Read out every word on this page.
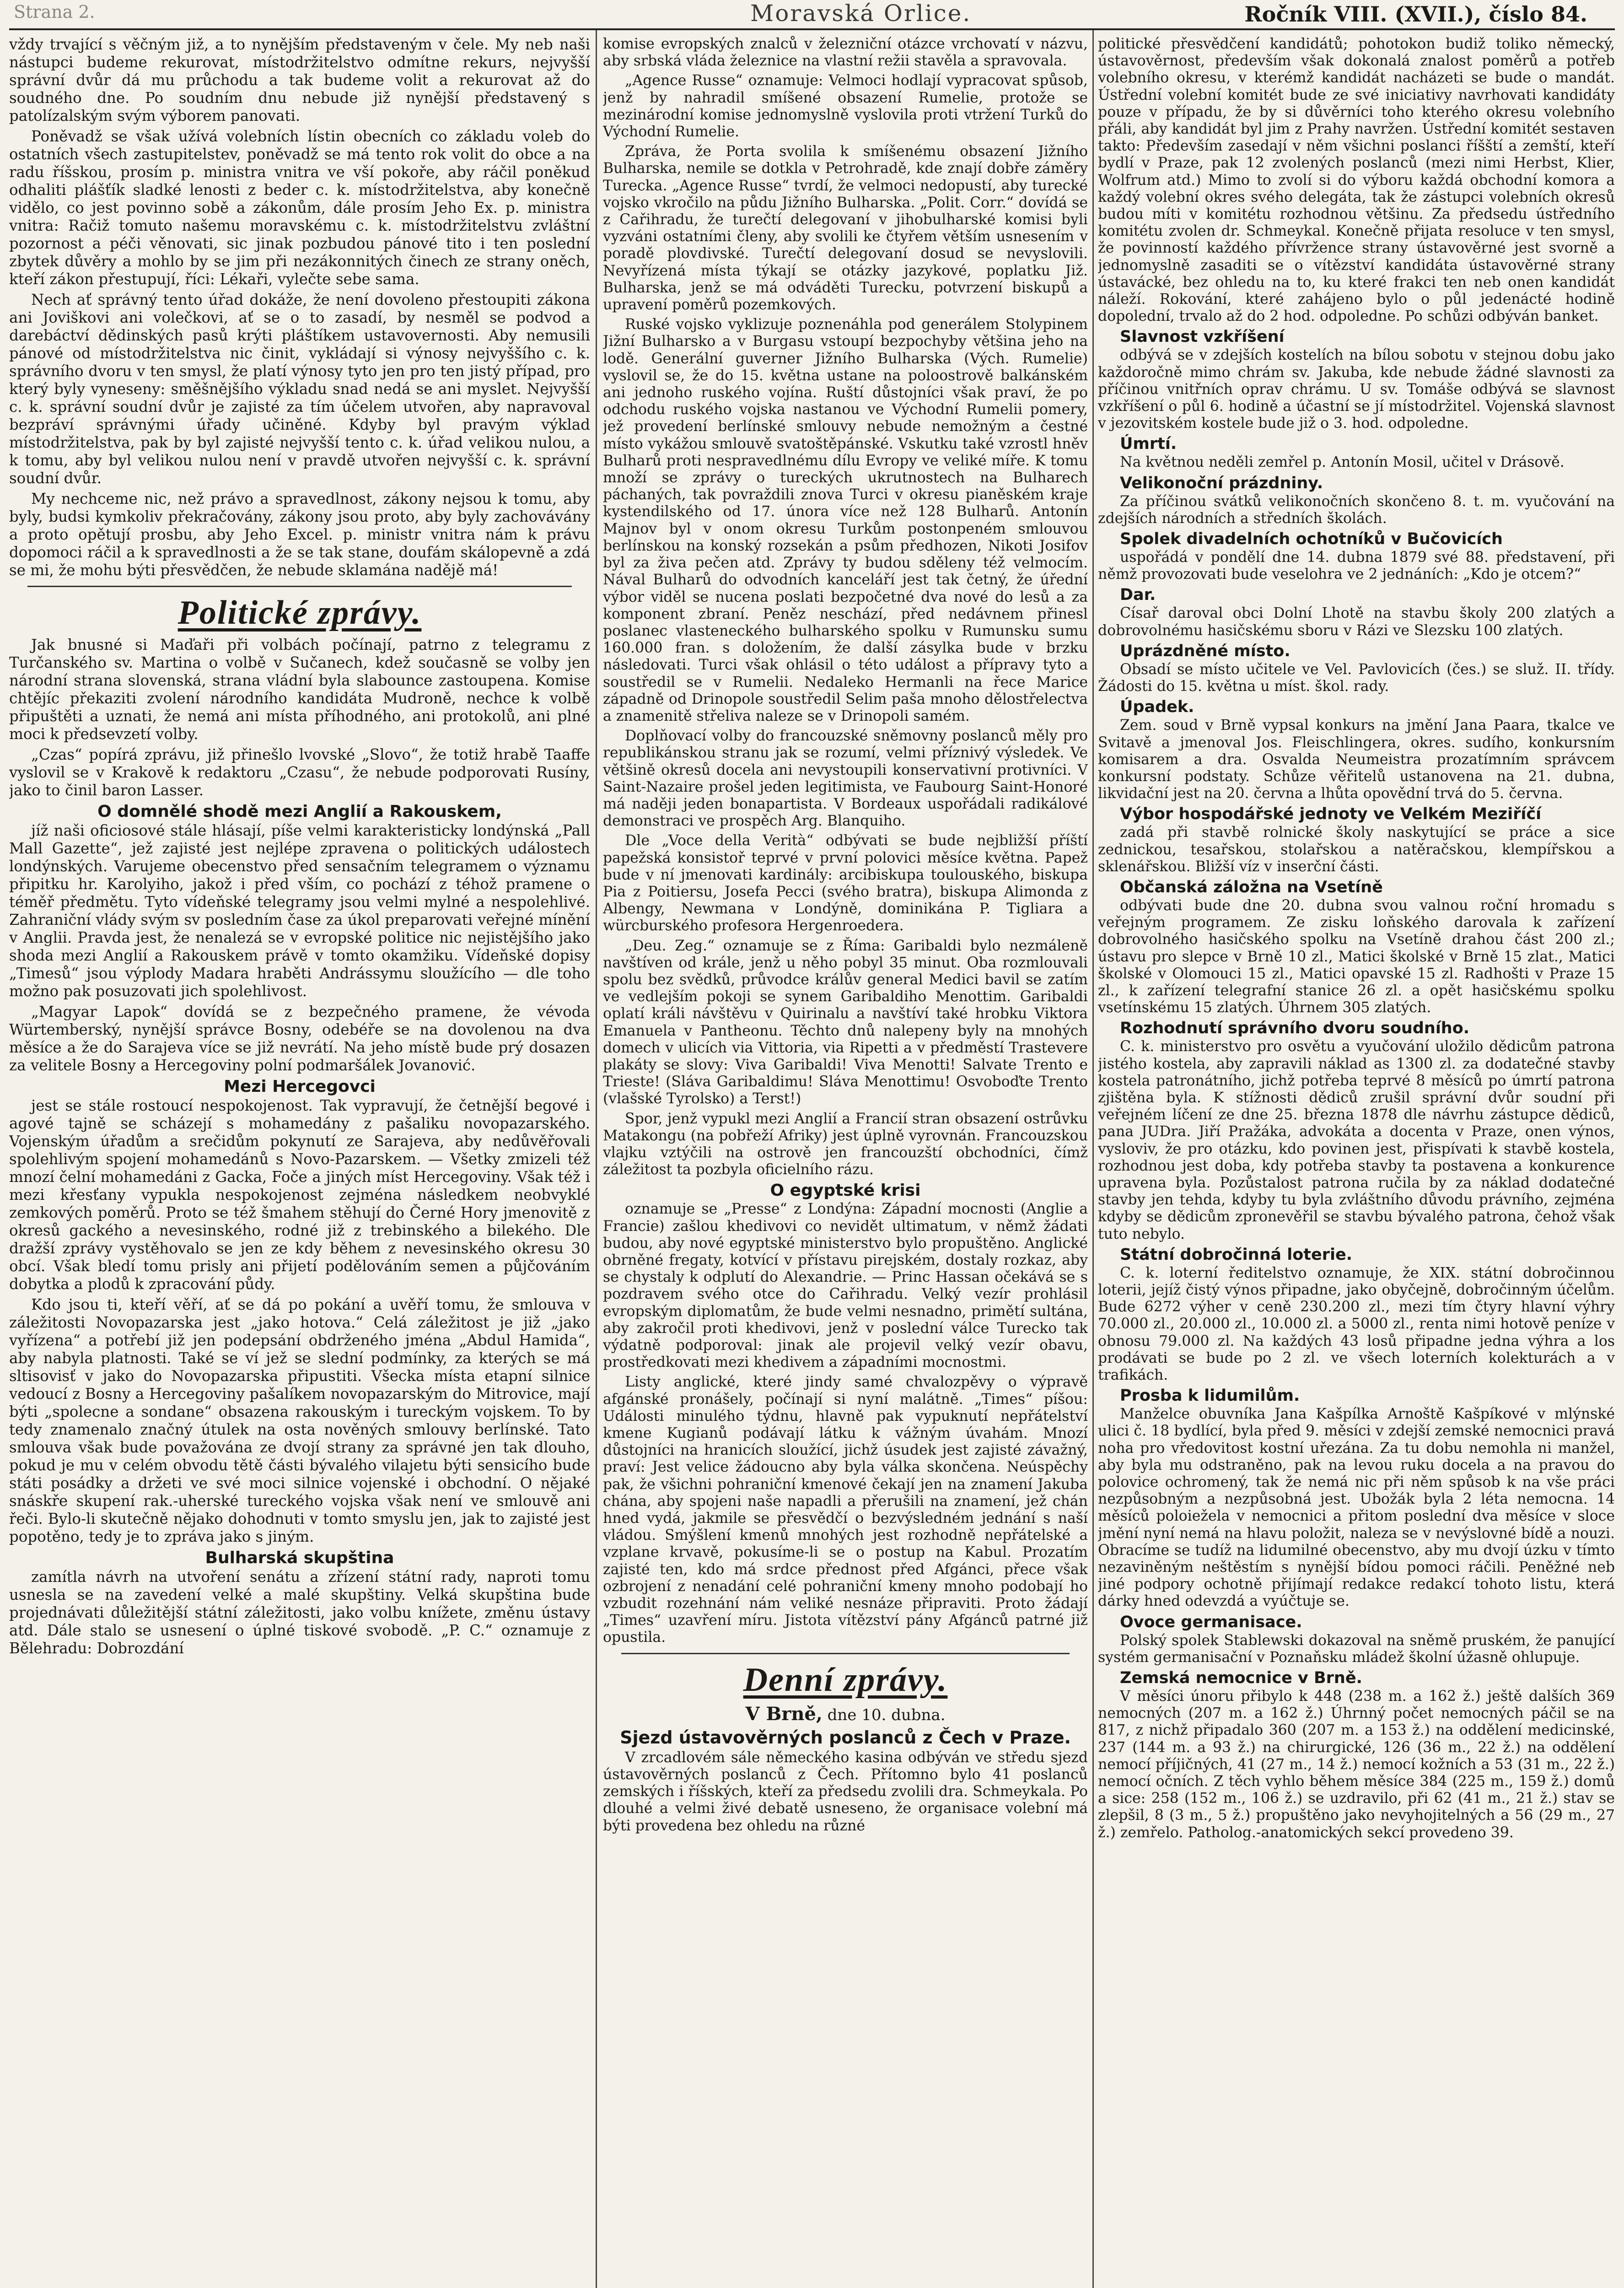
Strana 2.	Moravská Orlice.	Ročník VIII. (XVII.), číslo 84.

vždy trvající s věčným již, a to nynějším představeným v čele. My neb naši nástupci budeme rekurovat, místodržitelstvo odmítne rekurs, nejvyšší správní dvůr dá mu průchodu a tak budeme volit a rekurovat až do soudného dne. Po soudním dnu nebude již nynější představený s patolízalským svým výborem panovati.

Poněvadž se však užívá volebních lístin obecních co základu voleb do ostatních všech zastupitelstev, poněvadž se má tento rok volit do obce a na radu říšskou, prosím p. ministra vnitra ve vší pokoře, aby ráčil poněkud odhaliti plášťík sladké lenosti z beder c. k. místodržitelstva, aby konečně vidělo, co jest povinno sobě a zákonům, dále prosím Jeho Ex. p. ministra vnitra: Račiž tomuto našemu moravskému c. k. místodržitelstvu zvláštní pozornost a péči věnovati, sic jinak pozbudou pánové tito i ten poslední zbytek důvěry a mohlo by se jim při nezákonnitých činech ze strany oněch, kteří zákon přestupují, říci: Lékaři, vylečte sebe sama.

Nech ať správný tento úřad dokáže, že není dovoleno přestoupiti zákona ani Joviškovi ani volečkovi, ať se o to zasadí, by nesměl se podvod a darebáctví dědinských pasů krýti pláštíkem ustavovernosti. Aby nemusili pánové od místodržitelstva nic činit, vykládají si výnosy nejvyššího c. k. správního dvoru v ten smysl, že platí výnosy tyto jen pro ten jistý případ, pro který byly vyneseny: směšnějšího výkladu snad nedá se ani myslet. Nejvyšší c. k. správní soudní dvůr je zajisté za tím účelem utvořen, aby napravoval bezpráví správnými úřady učiněné. Kdyby byl pravým výklad místodržitelstva, pak by byl zajisté nejvyšší tento c. k. úřad velikou nulou, a k tomu, aby byl velikou nulou není v pravdě utvořen nejvyšší c. k. správní soudní dvůr.

My nechceme nic, než právo a spravedlnost, zákony nejsou k tomu, aby byly, budsi kymkoliv překračovány, zákony jsou proto, aby byly zachovávány a proto opětují prosbu, aby Jeho Excel. p. ministr vnitra nám k právu dopomoci ráčil a k spravedlnosti a že se tak stane, doufám skálopevně a zdá se mi, že mohu býti přesvědčen, že nebude sklamána nadějě má!

Politické zprávy.

Jak bnusné si Maďaři při volbách počínají, patrno z telegramu z Turčanského sv. Martina o volbě v Sučanech, kdež současně se volby jen národní strana slovenská, strana vládní byla slabounce zastoupena. Komise chtějíc překaziti zvolení národního kandidáta Mudroně, nechce k volbě připuštěti a uznati, že nemá ani místa příhodného, ani protokolů, ani plné moci k předsevzetí volby.

„Czas“ popírá zprávu, již přinešlo lvovské „Slovo“, že totiž hrabě Taaffe vyslovil se v Krakově k redaktoru „Czasu“, že nebude podporovati Rusíny, jako to činil baron Lasser.

O domnělé shodě mezi Anglií a Rakouskem,

jíž naši oficiosové stále hlásají, píše velmi karakteristicky londýnská „Pall Mall Gazette“, jež zajisté jest nejlépe zpravena o politických událostech londýnských. Varujeme obecenstvo před sensačním telegramem o významu připitku hr. Karolyiho, jakož i před vším, co pochází z téhož pramene o téměř předmětu. Tyto vídeňské telegramy jsou velmi mylné a nespolehlivé. Zahraniční vlády svým sv posledním čase za úkol preparovati veřejné mínění v Anglii. Pravda jest, že nenalezá se v evropské politice nic nejistějšího jako shoda mezi Anglií a Rakouskem právě v tomto okamžiku. Vídeňské dopisy „Timesů“ jsou výplody Madara hraběti Andrássymu sloužícího — dle toho možno pak posuzovati jich spolehlivost.

„Magyar Lapok“ dovídá se z bezpečného pramene, že vévoda Würtemberský, nynější správce Bosny, odebéře se na dovolenou na dva měsíce a že do Sarajeva více se již nevrátí. Na jeho místě bude prý dosazen za velitele Bosny a Hercegoviny polní podmaršálek Jovanović.

Mezi Hercegovci

jest se stále rostoucí nespokojenost. Tak vypravují, že četnější begové i agové tajně se scházejí s mohamedány z pašaliku novopazarského. Vojenským úřadům a srečidům pokynutí ze Sarajeva, aby nedůvěřovali spolehlivým spojení mohamedánů s Novo-Pazarskem. — Všetky zmizeli též mnozí čelní mohamedáni z Gacka, Foče a jiných míst Hercegoviny. Však též i mezi křesťany vypukla nespokojenost zejména následkem neobvyklé zemkových poměrů. Proto se též šmahem stěhují do Černé Hory jmenovitě z okresů gackého a nevesinského, rodné již z trebinského a bilekého. Dle dražší zprávy vystěhovalo se jen ze kdy během z nevesinského okresu 30 obcí. Však bledí tomu prisly ani přijetí podělováním semen a půjčováním dobytka a plodů k zpracování půdy.

Kdo jsou ti, kteří věří, ať se dá po pokání a uvěří tomu, že smlouva v záležitosti Novopazarska jest „jako hotova.“ Celá záležitost je již „jako vyřízena“ a potřebí již jen podepsání obdrženého jména „Abdul Hamida“, aby nabyla platnosti. Také se ví jež se slední podmínky, za kterých se má sltisovisť v jako do Novopazarska připustiti. Všecka místa etapní silnice vedoucí z Bosny a Hercegoviny pašalíkem novopazarským do Mitrovice, mají býti „spolecne a sondane“ obsazena rakouským i tureckým vojskem. To by tedy znamenalo značný útulek na osta nověných smlouvy berlínské. Tato smlouva však bude považována ze dvojí strany za správné jen tak dlouho, pokud je mu v celém obvodu tětě části bývalého vilajetu býti sensicího bude státi posádky a držeti ve své moci silnice vojenské i obchodní. O nějaké snáskře skupení rak.-uherské tureckého vojska však není ve smlouvě ani řeči. Bylo-li skutečně nějako dohodnuti v tomto smyslu jen, jak to zajisté jest popotěno, tedy je to zpráva jako s jiným.

Bulharská skupština

zamítla návrh na utvoření senátu a zřízení státní rady, naproti tomu usnesla se na zavedení velké a malé skupštiny. Velká skupština bude projednávati důležitější státní záležitosti, jako volbu knížete, změnu ústavy atd. Dále stalo se usnesení o úplné tiskové svobodě. „P. C.“ oznamuje z Bělehradu: Dobrozdání

komise evropských znalců v železniční otázce vrchovatí v názvu, aby srbská vláda železnice na vlastní režii stavěla a spravovala.

„Agence Russe“ oznamuje: Velmoci hodlají vypracovat spůsob, jenž by nahradil smíšené obsazení Rumelie, protože se mezinárodní komise jednomyslně vyslovila proti vtržení Turků do Východní Rumelie.

Zpráva, že Porta svolila k smíšenému obsazení Jižního Bulharska, nemile se dotkla v Petrohradě, kde znají dobře záměry Turecka. „Agence Russe“ tvrdí, že velmoci nedopustí, aby turecké vojsko vkročilo na půdu Jižního Bulharska. „Polit. Corr.“ dovídá se z Cařihradu, že turečtí delegovaní v jihobulharské komisi byli vyzváni ostatními členy, aby svolili ke čtyřem větším usnesením v poradě plovdivské. Turečtí delegovaní dosud se nevyslovili. Nevyřízená místa týkají se otázky jazykové, poplatku Již. Bulharska, jenž se má odváděti Turecku, potvrzení biskupů a upravení poměrů pozemkových.

Ruské vojsko vyklizuje poznenáhla pod generálem Stolypinem Jižní Bulharsko a v Burgasu vstoupí bezpochyby většina jeho na lodě. Generální guverner Jižního Bulharska (Vých. Rumelie) vyslovil se, že do 15. května ustane na poloostrově balkánském ani jednoho ruského vojína. Ruští důstojníci však praví, že po odchodu ruského vojska nastanou ve Východní Rumelii pomery, jež provedení berlínské smlouvy nebude nemožným a čestné místo vykážou smlouvě svatoštěpánské. Vskutku také vzrostl hněv Bulharů proti nespravedlnému dílu Evropy ve veliké míře. K tomu množí se zprávy o tureckých ukrutnostech na Bulharech páchaných, tak povraždili znova Turci v okresu pianěském kraje kystendilského od 17. února více než 128 Bulharů. Antonín Majnov byl v onom okresu Turkům postonpeném smlouvou berlínskou na konský rozsekán a psům předhozen, Nikoti Josifov byl za živa pečen atd. Zprávy ty budou sděleny též velmocím. Nával Bulharů do odvodních kanceláří jest tak četný, že úřední výbor viděl se nucena poslati bezpočetné dva nové do lesů a za komponent zbraní. Peněz neschází, před nedávnem přinesl poslanec vlasteneckého bulharského spolku v Rumunsku sumu 160.000 fran. s doložením, že další zásylka bude v brzku následovati. Turci však ohlásil o této událost a přípravy tyto a soustředil se v Rumelii. Nedaleko Hermanli na řece Marice západně od Drinopole soustředil Selim paša mnoho dělostřelectva a znamenitě střeliva naleze se v Drinopoli samém.

Doplňovací volby do francouzské sněmovny poslanců měly pro republikánskou stranu jak se rozumí, velmi příznivý výsledek. Ve většině okresů docela ani nevystoupili konservativní protivníci. V Saint-Nazaire prošel jeden legitimista, ve Faubourg Saint-Honoré má naději jeden bonapartista. V Bordeaux uspořádali radikálové demonstraci ve prospěch Arg. Blanquiho.

Dle „Voce della Verità“ odbývati se bude nejbližší příští papežská konsistoř teprvé v první polovici měsíce května. Papež bude v ní jmenovati kardinály: arcibiskupa toulouského, biskupa Pia z Poitiersu, Josefa Pecci (svého bratra), biskupa Alimonda z Albengy, Newmana v Londýně, dominikána P. Tigliara a würcburského profesora Hergenroedera.

„Deu. Zeg.“ oznamuje se z Říma: Garibaldi bylo nezmáleně navštíven od krále, jenž u něho pobyl 35 minut. Oba rozmlouvali spolu bez svědků, průvodce králův general Medici bavil se zatím ve vedlejším pokoji se synem Garibaldiho Menottim. Garibaldi oplatí králi návštěvu v Quirinalu a navštíví také hrobku Viktora Emanuela v Pantheonu. Těchto dnů nalepeny byly na mnohých domech v ulicích via Vittoria, via Ripetti a v předměstí Trastevere plakáty se slovy: Viva Garibaldi! Viva Menotti! Salvate Trento e Trieste! (Sláva Garibaldimu! Sláva Menottimu! Osvoboďte Trento (vlašské Tyrolsko) a Terst!)

Spor, jenž vypukl mezi Anglií a Francií stran obsazení ostrůvku Matakongu (na pobřeží Afriky) jest úplně vyrovnán. Francouzskou vlajku vztýčili na ostrově jen francouzští obchodníci, čímž záležitost ta pozbyla oficielního rázu.

O egyptské krisi

oznamuje se „Presse“ z Londýna: Západní mocnosti (Anglie a Francie) zašlou khedivovi co nevidět ultimatum, v němž žádati budou, aby nové egyptské ministerstvo bylo propuštěno. Anglické obrněné fregaty, kotvící v přístavu pirejském, dostaly rozkaz, aby se chystaly k odplutí do Alexandrie. — Princ Hassan očekává se s pozdravem svého otce do Cařihradu. Velký vezír prohlásil evropským diplomatům, že bude velmi nesnadno, primětí sultána, aby zakročil proti khedivovi, jenž v poslední válce Turecko tak výdatně podporoval: jinak ale projevil velký vezír obavu, prostředkovati mezi khedivem a západními mocnostmi.

Listy anglické, které jindy samé chvalozpěvy o výpravě afgánské pronášely, počínají si nyní malátně. „Times“ píšou: Události minulého týdnu, hlavně pak vypuknutí nepřátelství kmene Kugianů podávají látku k vážným úvahám. Mnozí důstojníci na hranicích sloužící, jichž úsudek jest zajisté závažný, praví: Jest velice žádoucno aby byla válka skončena. Neúspěchy pak, že všichni pohraniční kmenové čekají jen na znamení Jakuba chána, aby spojeni naše napadli a přerušili na znamení, jež chán hned vydá, jakmile se přesvědčí o bezvýsledném jednání s naší vládou. Smýšlení kmenů mnohých jest rozhodně nepřátelské a vzplane krvavě, pokusíme-li se o postup na Kabul. Prozatím zajisté ten, kdo má srdce přednost před Afgánci, přece však ozbrojení z nenadání celé pohraniční kmeny mnoho podobají ho vzbudit rozehnání nám veliké nesnáze připraviti. Proto žádají „Times“ uzavření míru. Jistota vítězství pány Afgánců patrné již opustila.

Denní zprávy.
V Brně, dne 10. dubna.
Sjezd ústavověrných poslanců z Čech v Praze.

V zrcadlovém sále německého kasina odbýván ve středu sjezd ústavověrných poslanců z Čech. Přítomno bylo 41 poslanců zemských i říšských, kteří za předsedu zvolili dra. Schmeykala. Po dlouhé a velmi živé debatě usneseno, že organisace volební má býti provedena bez ohledu na různé

politické přesvědčení kandidátů; pohotokon budiž toliko německý, ústavověrnost, především však dokonalá znalost poměrů a potřeb volebního okresu, v kterémž kandidát nacházeti se bude o mandát. Ústřední volební komitét bude ze své iniciativy navrhovati kandidáty pouze v případu, že by si důvěrníci toho kterého okresu volebního přáli, aby kandidát byl jim z Prahy navržen. Ústřední komitét sestaven takto: Především zasedají v něm všichni poslanci říšští a zemští, kteří bydlí v Praze, pak 12 zvolených poslanců (mezi nimi Herbst, Klier, Wolfrum atd.) Mimo to zvolí si do výboru každá obchodní komora a každý volební okres svého delegáta, tak že zástupci volebních okresů budou míti v komitétu rozhodnou většinu. Za předsedu ústředního komitétu zvolen dr. Schmeykal. Konečně přijata resoluce v ten smysl, že povinností každého přívržence strany ústavověrné jest svorně a jednomyslně zasaditi se o vítězství kandidáta ústavověrné strany ústavácké, bez ohledu na to, ku které frakci ten neb onen kandidát náleží. Rokování, které zahájeno bylo o půl jedenácté hodině dopolední, trvalo až do 2 hod. odpoledne. Po schůzi odbýván banket.

Slavnost vzkříšení

odbývá se v zdejších kostelích na bílou sobotu v stejnou dobu jako každoročně mimo chrám sv. Jakuba, kde nebude žádné slavnosti za příčinou vnitřních oprav chrámu. U sv. Tomáše odbývá se slavnost vzkříšení o půl 6. hodině a účastní se jí místodržitel. Vojenská slavnost v jezovitském kostele bude již o 3. hod. odpoledne.

Úmrtí.

Na květnou neděli zemřel p. Antonín Mosil, učitel v Drásově.

Velikonoční prázdniny.

Za příčinou svátků velikonočních skončeno 8. t. m. vyučování na zdejších národních a středních školách.

Spolek divadelních ochotníků v Bučovicích

uspořádá v pondělí dne 14. dubna 1879 své 88. představení, při němž provozovati bude veselohra ve 2 jednáních: „Kdo je otcem?“

Dar.

Císař daroval obci Dolní Lhotě na stavbu školy 200 zlatých a dobrovolnému hasičskému sboru v Rázi ve Slezsku 100 zlatých.

Uprázdněné místo.

Obsadí se místo učitele ve Vel. Pavlovicích (čes.) se služ. II. třídy. Žádosti do 15. května u míst. škol. rady.

Úpadek.

Zem. soud v Brně vypsal konkurs na jmění Jana Paara, tkalce ve Svitavě a jmenoval Jos. Fleischlingera, okres. sudího, konkursním komisarem a dra. Osvalda Neumeistra prozatímním správcem konkursní podstaty. Schůze věřitelů ustanovena na 21. dubna, likvidační jest na 20. června a lhůta opovědní trvá do 5. června.

Výbor hospodářské jednoty ve Velkém Meziříčí

zadá při stavbě rolnické školy naskytující se práce a sice zednickou, tesařskou, stolařskou a natěračskou, klempířskou a sklenářskou. Bližší víz v inserční části.

Občanská záložna na Vsetíně

odbývati bude dne 20. dubna svou valnou roční hromadu s veřejným programem. Ze zisku loňského darovala k zařízení dobrovolného hasičského spolku na Vsetíně drahou část 200 zl.; ústavu pro slepce v Brně 10 zl., Matici školské v Brně 15 zlat., Matici školské v Olomouci 15 zl., Matici opavské 15 zl. Radhošti v Praze 15 zl., k zařízení telegrafní stanice 26 zl. a opět hasičskému spolku vsetínskému 15 zlatých. Úhrnem 305 zlatých.

Rozhodnutí správního dvoru soudního.

C. k. ministerstvo pro osvětu a vyučování uložilo dědicům patrona jistého kostela, aby zapravili náklad as 1300 zl. za dodatečné stavby kostela patronátního, jichž potřeba teprvé 8 měsíců po úmrtí patrona zjištěna byla. K stížnosti dědiců zrušil správní dvůr soudní při veřejném líčení ze dne 25. března 1878 dle návrhu zástupce dědiců, pana JUDra. Jiří Pražáka, advokáta a docenta v Praze, onen výnos, vysloviv, že pro otázku, kdo povinen jest, přispívati k stavbě kostela, rozhodnou jest doba, kdy potřeba stavby ta postavena a konkurence upravena byla. Pozůstalost patrona ručila by za náklad dodatečné stavby jen tehda, kdyby tu byla zvláštního důvodu právního, zejména kdyby se dědicům zpronevěřil se stavbu bývalého patrona, čehož však tuto nebylo.

Státní dobročinná loterie.

C. k. loterní ředitelstvo oznamuje, že XIX. státní dobročinnou loterii, jejíž čistý výnos připadne, jako obyčejně, dobročinným účelům. Bude 6272 výher v ceně 230.200 zl., mezi tím čtyry hlavní výhry 70.000 zl., 20.000 zl., 10.000 zl. a 5000 zl., renta nimi hotově peníze v obnosu 79.000 zl. Na každých 43 losů připadne jedna výhra a los prodávati se bude po 2 zl. ve všech loterních kolekturách a v trafikách.

Prosba k lidumilům.

Manželce obuvníka Jana Kašpílka Arnoště Kašpíkové v mlýnské ulici č. 18 bydlící, byla před 9. měsíci v zdejší zemské nemocnici pravá noha pro vředovitost kostní uřezána. Za tu dobu nemohla ni manžel, aby byla mu odstraněno, pak na levou ruku docela a na pravou do polovice ochromený, tak že nemá nic při něm spůsob k na vše práci nezpůsobným a nezpůsobná jest. Ubožák byla 2 léta nemocna. 14 měsíců poloiežela v nemocnici a přitom poslední dva měsíce v sloce jmění nyní nemá na hlavu položit, naleza se v nevýslovné bídě a nouzi. Obracíme se tudíž na lidumilné obecenstvo, aby mu dvojí úzku v tímto nezaviněným neštěstím s nynější bídou pomoci ráčili. Peněžné neb jiné podpory ochotně přijímají redakce redakcí tohoto listu, která dárky hned odevzdá a vyúčtuje se.

Ovoce germanisace.

Polský spolek Stablewski dokazoval na sněmě pruském, že panující systém germanisační v Poznaňsku mládež školní úžasně ohlupuje.

Zemská nemocnice v Brně.

V měsíci únoru přibylo k 448 (238 m. a 162 ž.) ještě dalších 369 nemocných (207 m. a 162 ž.) Úhrnný počet nemocných páčil se na 817, z nichž připadalo 360 (207 m. a 153 ž.) na oddělení medicinské, 237 (144 m. a 93 ž.) na chirurgické, 126 (36 m., 22 ž.) na oddělení nemocí příjičných, 41 (27 m., 14 ž.) nemocí kožních a 53 (31 m., 22 ž.) nemocí očních. Z těch vyhlo během měsíce 384 (225 m., 159 ž.) domů a sice: 258 (152 m., 106 ž.) se uzdravilo, při 62 (41 m., 21 ž.) stav se zlepšil, 8 (3 m., 5 ž.) propuštěno jako nevyhojitelných a 56 (29 m., 27 ž.) zemřelo. Patholog.-anatomických sekcí provedeno 39.
